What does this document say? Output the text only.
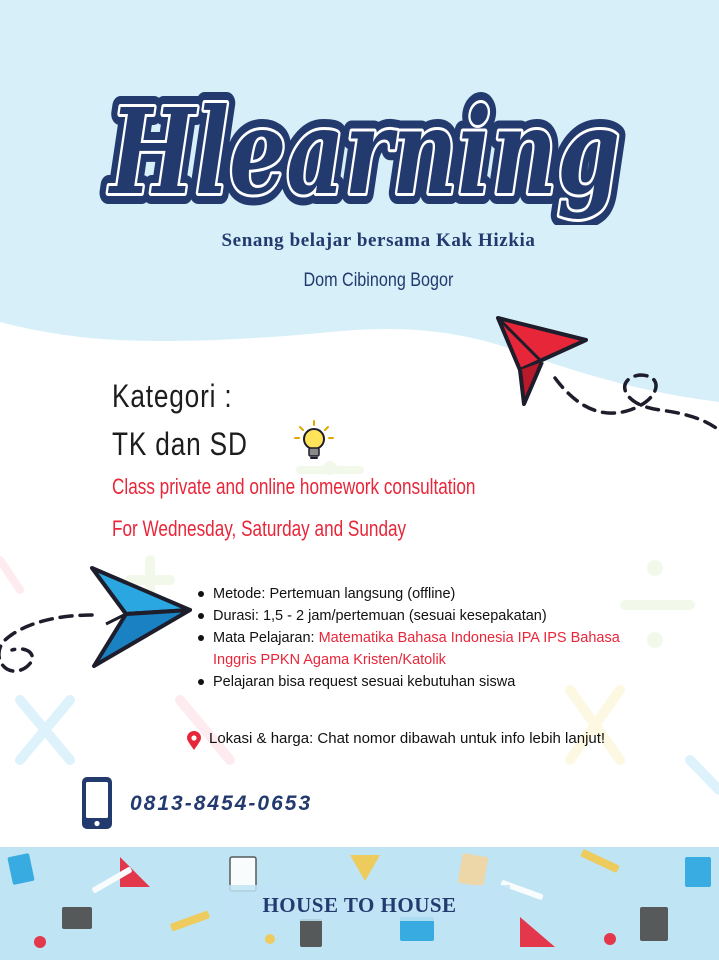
Hlearning
Hlearning
Hlearning
Senang belajar bersama Kak Hizkia
Dom Cibinong Bogor
Kategori :
TK dan SD
Class private and online homework consultation
For Wednesday, Saturday and Sunday
Metode: Pertemuan langsung (offline)
Durasi: 1,5 - 2 jam/pertemuan (sesuai kesepakatan)
Mata Pelajaran: Matematika Bahasa Indonesia IPA IPS Bahasa
Inggris PPKN Agama Kristen/Katolik
Pelajaran bisa request sesuai kebutuhan siswa
Lokasi & harga: Chat nomor dibawah untuk info lebih lanjut!
0813-8454-0653
HOUSE TO HOUSE
